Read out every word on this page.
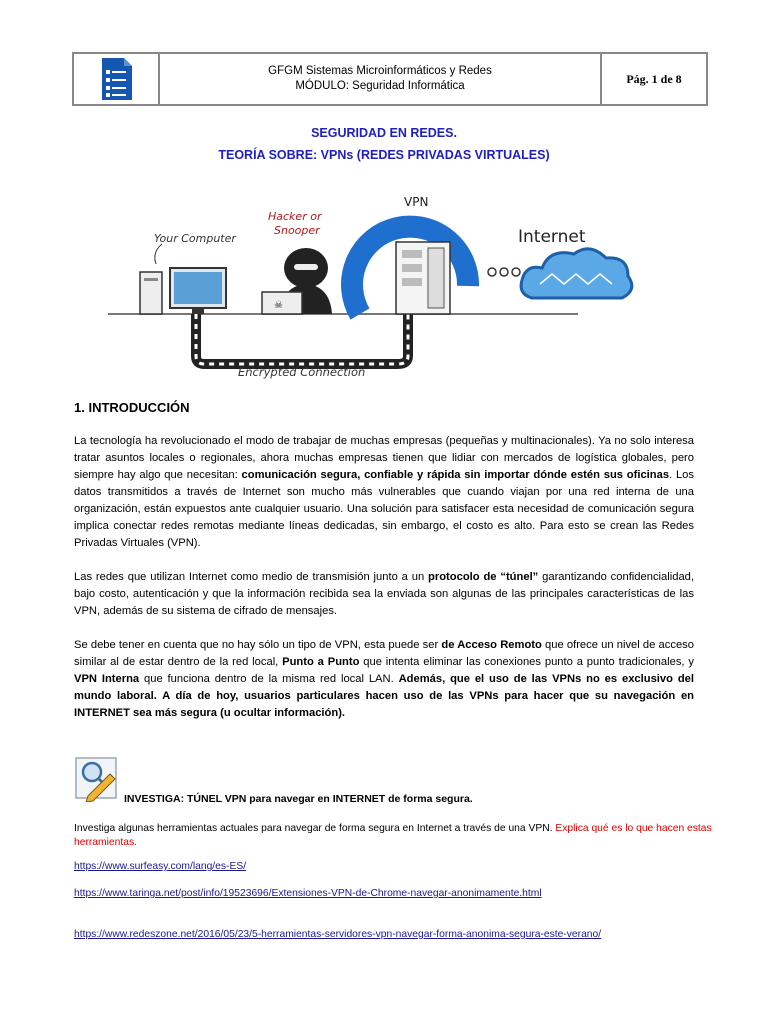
GFGM Sistemas Microinformáticos y Redes
MÓDULO: Seguridad Informática
Pág. 1 de 8
SEGURIDAD EN REDES.
TEORÍA SOBRE: VPNs (REDES PRIVADAS VIRTUALES)
Your Computer
☠
Hacker or
Snooper
VPN
Internet
Encrypted Connection
1. INTRODUCCIÓN
La tecnología ha revolucionado el modo de trabajar de muchas empresas (pequeñas y multinacionales). Ya no solo interesa tratar asuntos locales o regionales, ahora muchas empresas tienen que lidiar con mercados de logística globales, pero siempre hay algo que necesitan: comunicación segura, confiable y rápida sin importar dónde estén sus oficinas. Los datos transmitidos a través de Internet son mucho más vulnerables que cuando viajan por una red interna de una organización, están expuestos ante cualquier usuario. Una solución para satisfacer esta necesidad de comunicación segura implica conectar redes remotas mediante líneas dedicadas, sin embargo, el costo es alto. Para esto se crean las Redes Privadas Virtuales (VPN).
Las redes que utilizan Internet como medio de transmisión junto a un protocolo de “túnel” garantizando confidencialidad, bajo costo, autenticación y que la información recibida sea la enviada son algunas de las principales características de las VPN, además de su sistema de cifrado de mensajes.
Se debe tener en cuenta que no hay sólo un tipo de VPN, esta puede ser de Acceso Remoto que ofrece un nivel de acceso similar al de estar dentro de la red local, Punto a Punto que intenta eliminar las conexiones punto a punto tradicionales, y VPN Interna que funciona dentro de la misma red local LAN. Además, que el uso de las VPNs no es exclusivo del mundo laboral. A día de hoy, usuarios particulares hacen uso de las VPNs para hacer que su navegación en INTERNET sea más segura (u ocultar información).
INVESTIGA: TÚNEL VPN para navegar en INTERNET de forma segura.
Investiga algunas herramientas actuales para navegar de forma segura en Internet a través de una VPN. Explica qué es lo que hacen estas herramientas.
https://www.surfeasy.com/lang/es-ES/
https://www.taringa.net/post/info/19523696/Extensiones-VPN-de-Chrome-navegar-anonimamente.html
https://www.redeszone.net/2016/05/23/5-herramientas-servidores-vpn-navegar-forma-anonima-segura-este-verano/
